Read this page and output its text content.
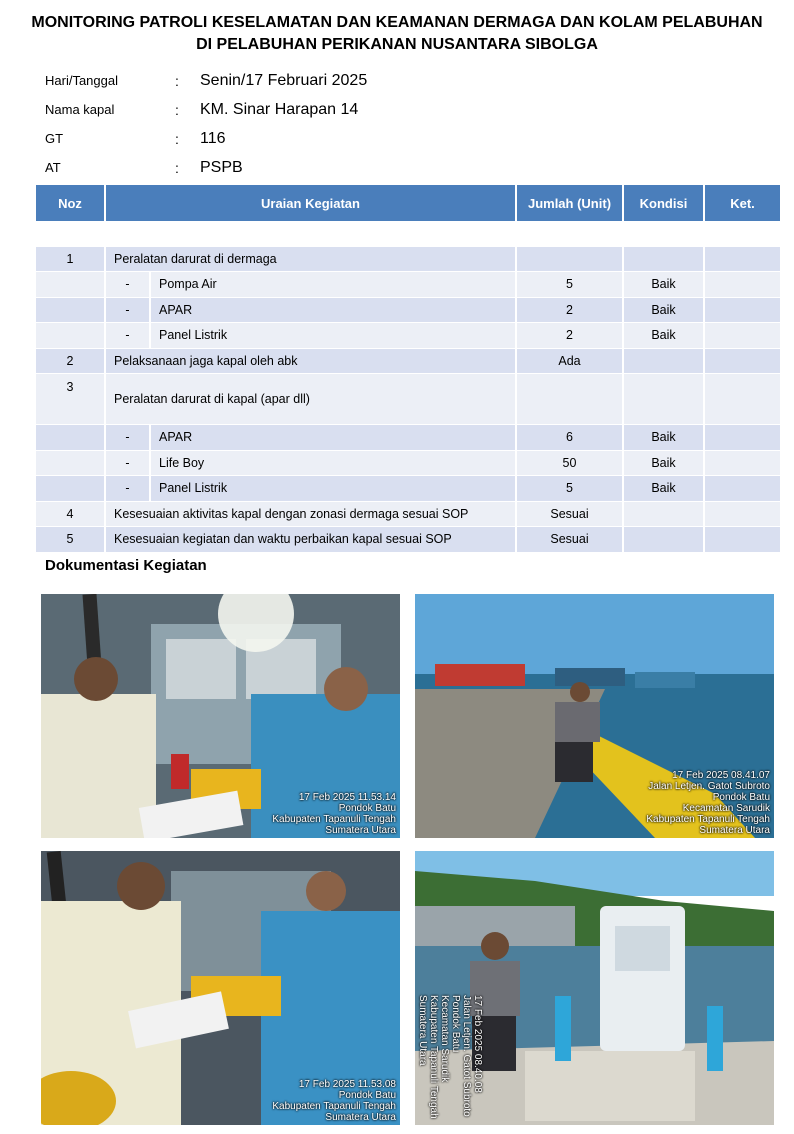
MONITORING PATROLI KESELAMATAN DAN KEAMANAN DERMAGA DAN KOLAM PELABUHAN
DI PELABUHAN PERIKANAN NUSANTARA SIBOLGA
Hari/Tanggal	:	Senin/17 Februari 2025
Nama kapal	:	KM. Sinar Harapan 14
GT	:	116
AT	:	PSPB
Noz	Uraian Kegiatan		Jumlah (Unit)	Kondisi	Ket.

1	Peralatan darurat di dermaga				
	-	Pompa Air	5	Baik	
	-	APAR	2	Baik	
	-	Panel Listrik	2	Baik	
2	Pelaksanaan jaga kapal oleh abk		Ada		
3	Peralatan darurat di kapal (apar dll)				
	-	APAR	6	Baik	
	-	Life Boy	50	Baik	
	-	Panel Listrik	5	Baik	
4	Kesesuaian aktivitas kapal dengan zonasi dermaga sesuai SOP		Sesuai		
5	Kesesuaian kegiatan dan waktu perbaikan kapal sesuai SOP		Sesuai		
Dokumentasi Kegiatan
17 Feb 2025 11.53.14
Pondok Batu
Kabupaten Tapanuli Tengah
Sumatera Utara
17 Feb 2025 08.41.07
Jalan Letjen. Gatot Subroto
Pondok Batu
Kecamatan Sarudik
Kabupaten Tapanuli Tengah
Sumatera Utara
17 Feb 2025 11.53.08
Pondok Batu
Kabupaten Tapanuli Tengah
Sumatera Utara
17 Feb 2025 08.40.08
Jalan Letjen. Gatot Subroto
Pondok Batu
Kecamatan Sarudik
Kabupaten Tapanuli Tengah
Sumatera Utara
